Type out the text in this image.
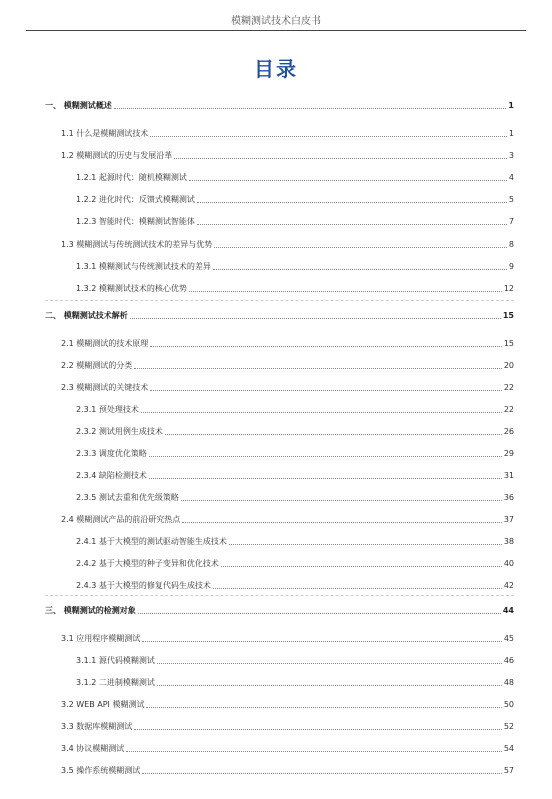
模糊测试技术白皮书
目录
一、 模糊测试概述	1
1.1 什么是模糊测试技术	1
1.2 模糊测试的历史与发展沿革	3
1.2.1 起源时代：随机模糊测试	4
1.2.2 进化时代：反馈式模糊测试	5
1.2.3 智能时代：模糊测试智能体	7
1.3 模糊测试与传统测试技术的差异与优势	8
1.3.1 模糊测试与传统测试技术的差异	9
1.3.2 模糊测试技术的核心优势	12
二、 模糊测试技术解析	15
2.1 模糊测试的技术原理	15
2.2 模糊测试的分类	20
2.3 模糊测试的关键技术	22
2.3.1 预处理技术	22
2.3.2 测试用例生成技术	26
2.3.3 调度优化策略	29
2.3.4 缺陷检测技术	31
2.3.5 测试去重和优先级策略	36
2.4 模糊测试产品的前沿研究热点	37
2.4.1 基于大模型的测试驱动智能生成技术	38
2.4.2 基于大模型的种子变异和优化技术	40
2.4.3 基于大模型的修复代码生成技术	42
三、 模糊测试的检测对象	44
3.1 应用程序模糊测试	45
3.1.1 源代码模糊测试	46
3.1.2 二进制模糊测试	48
3.2 WEB API 模糊测试	50
3.3 数据库模糊测试	52
3.4 协议模糊测试	54
3.5 操作系统模糊测试	57
